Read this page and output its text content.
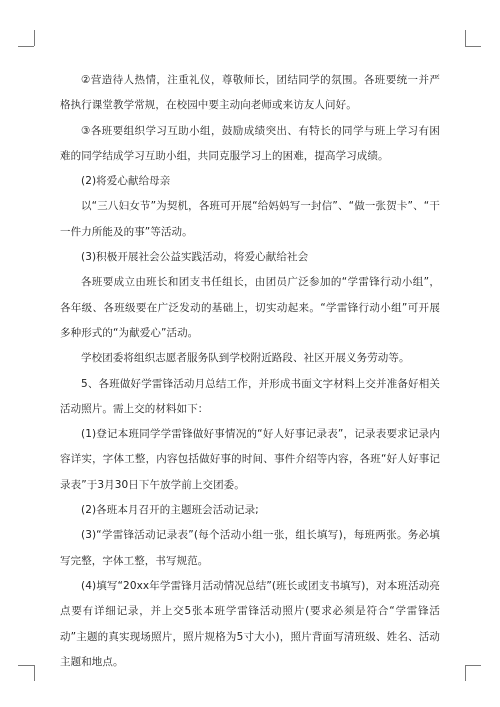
②营造待人热情，注重礼仪，尊敬师长，团结同学的氛围。各班要统一并严格执行课堂教学常规，在校园中要主动向老师或来访友人问好。

③各班要组织学习互助小组，鼓励成绩突出、有特长的同学与班上学习有困难的同学结成学习互助小组，共同克服学习上的困难，提高学习成绩。

(2)将爱心献给母亲

以“三八妇女节”为契机，各班可开展“给妈妈写一封信”、“做一张贺卡”、“干一件力所能及的事”等活动。

(3)积极开展社会公益实践活动，将爱心献给社会

各班要成立由班长和团支书任组长，由团员广泛参加的“学雷锋行动小组”，各年级、各班级要在广泛发动的基础上，切实动起来。“学雷锋行动小组”可开展多种形式的“为献爱心”活动。

学校团委将组织志愿者服务队到学校附近路段、社区开展义务劳动等。

5、各班做好学雷锋活动月总结工作，并形成书面文字材料上交并准备好相关活动照片。需上交的材料如下：

(1)登记本班同学学雷锋做好事情况的“好人好事记录表”，记录表要求记录内容详实，字体工整，内容包括做好事的时间、事件介绍等内容，各班“好人好事记录表”于3月30日下午放学前上交团委。

(2)各班本月召开的主题班会活动记录;

(3)“学雷锋活动记录表”(每个活动小组一张，组长填写)，每班两张。务必填写完整，字体工整，书写规范。

(4)填写“20xx年学雷锋月活动情况总结”(班长或团支书填写)，对本班活动亮点要有详细记录，并上交5张本班学雷锋活动照片(要求必须是符合“学雷锋活动”主题的真实现场照片，照片规格为5寸大小)，照片背面写清班级、姓名、活动主题和地点。
